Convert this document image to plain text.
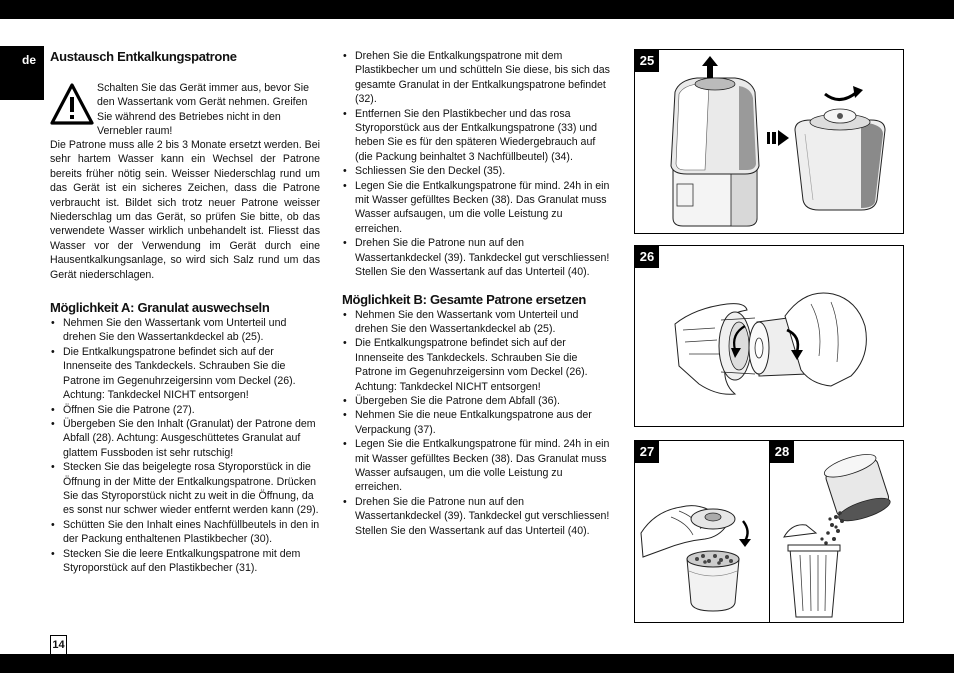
de
14
Austausch Entkalkungspatrone

Schalten Sie das Gerät immer aus, bevor Sie den Wassertank vom Gerät nehmen. Greifen Sie während des Betriebes nicht in den Vernebler raum!

Die Patrone muss alle 2 bis 3 Monate ersetzt werden. Bei sehr hartem Wasser kann ein Wechsel der Patrone bereits früher nötig sein. Weisser Niederschlag rund um das Gerät ist ein sicheres Zeichen, dass die Patrone verbraucht ist. Bildet sich trotz neuer Patrone weisser Niederschlag um das Gerät, so prüfen Sie bitte, ob das verwendete Wasser wirklich unbehandelt ist. Fliesst das Wasser vor der Verwendung im Gerät durch eine Hausentkalkungsanlage, so wird sich Salz rund um das Gerät niederschlagen.

Möglichkeit A: Granulat auswechseln
• Nehmen Sie den Wassertank vom Unterteil und drehen Sie den Wassertankdeckel ab (25).
• Die Entkalkungspatrone befindet sich auf der Innenseite des Tankdeckels. Schrauben Sie die Patrone im Gegenuhrzeigersinn vom Deckel (26). Achtung: Tankdeckel NICHT entsorgen!
• Öffnen Sie die Patrone (27).
• Übergeben Sie den Inhalt (Granulat) der Patrone dem Abfall (28). Achtung: Ausgeschüttetes Granulat auf glattem Fussboden ist sehr rutschig!
• Stecken Sie das beigelegte rosa Styroporstück in die Öffnung in der Mitte der Entkalkungspatrone. Drücken Sie das Styroporstück nicht zu weit in die Öffnung, da es sonst nur schwer wieder entfernt werden kann (29).
• Schütten Sie den Inhalt eines Nachfüllbeutels in den in der Packung enthaltenen Plastikbecher (30).
• Stecken Sie die leere Entkalkungspatrone mit dem Styroporstück auf den Plastikbecher (31).
• Drehen Sie die Entkalkungspatrone mit dem Plastikbecher um und schütteln Sie diese, bis sich das gesamte Granulat in der Entkalkungspatrone befindet (32).
• Entfernen Sie den Plastikbecher und das rosa Styroporstück aus der Entkalkungspatrone (33) und heben Sie es für den späteren Wiedergebrauch auf (die Packung beinhaltet 3 Nachfüllbeutel) (34).
• Schliessen Sie den Deckel (35).
• Legen Sie die Entkalkungspatrone für mind. 24h in ein mit Wasser gefülltes Becken (38). Das Granulat muss Wasser aufsaugen, um die volle Leistung zu erreichen.
• Drehen Sie die Patrone nun auf den Wassertankdeckel (39). Tankdeckel gut verschliessen! Stellen Sie den Wassertank auf das Unterteil (40).
Möglichkeit B: Gesamte Patrone ersetzen
• Nehmen Sie den Wassertank vom Unterteil und drehen Sie den Wassertankdeckel ab (25).
• Die Entkalkungspatrone befindet sich auf der Innenseite des Tankdeckels. Schrauben Sie die Patrone im Gegenuhrzeigersinn vom Deckel (26). Achtung: Tankdeckel NICHT entsorgen!
• Übergeben Sie die Patrone dem Abfall (36).
• Nehmen Sie die neue Entkalkungspatrone aus der Verpackung (37).
• Legen Sie die Entkalkungspatrone für mind. 24h in ein mit Wasser gefülltes Becken (38). Das Granulat muss Wasser aufsaugen, um die volle Leistung zu erreichen.
• Drehen Sie die Patrone nun auf den Wassertankdeckel (39). Tankdeckel gut verschliessen! Stellen Sie den Wassertank auf das Unterteil (40).
25
26
27	28
